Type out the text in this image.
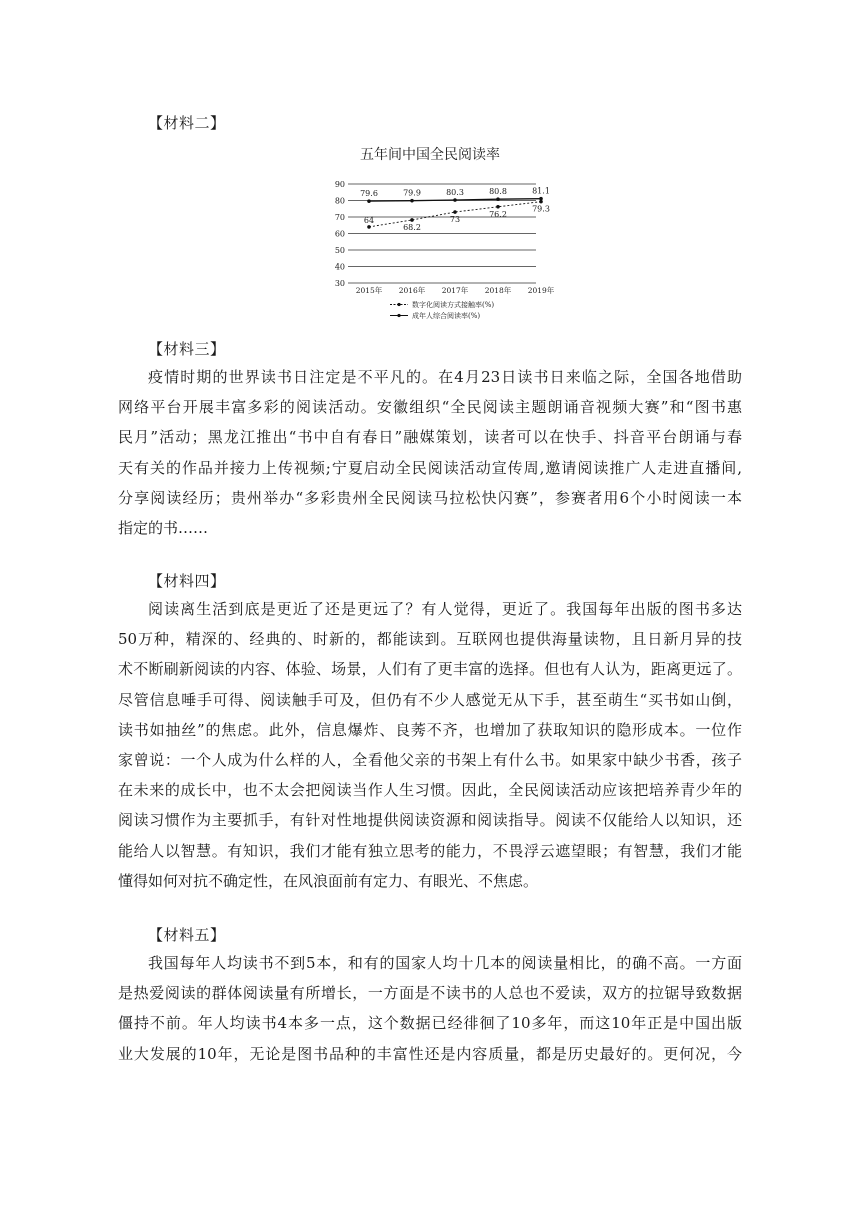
【材料二】
五年间中国全民阅读率
90
80
70
60
50
40
30
2015年 2016年 2017年 2018年 2019年
64
68.2
73
76.2
79.3
79.6	79.9	80.3	80.8	81.1
数字化阅读方式接触率(%)
成年人综合阅读率(%)
【材料三】
疫情时期的世界读书日注定是不平凡的。在4月23日读书日来临之际，全国各地借助
网络平台开展丰富多彩的阅读活动。安徽组织“全民阅读主题朗诵音视频大赛”和“图书惠
民月”活动；黑龙江推出“书中自有春日”融媒策划，读者可以在快手、抖音平台朗诵与春
天有关的作品并接力上传视频;宁夏启动全民阅读活动宣传周,邀请阅读推广人走进直播间,
分享阅读经历；贵州举办“多彩贵州全民阅读马拉松快闪赛”，参赛者用6个小时阅读一本
指定的书……
【材料四】
阅读离生活到底是更近了还是更远了？有人觉得，更近了。我国每年出版的图书多达
50万种，精深的、经典的、时新的，都能读到。互联网也提供海量读物，且日新月异的技
术不断刷新阅读的内容、体验、场景，人们有了更丰富的选择。但也有人认为，距离更远了。
尽管信息唾手可得、阅读触手可及，但仍有不少人感觉无从下手，甚至萌生“买书如山倒，
读书如抽丝”的焦虑。此外，信息爆炸、良莠不齐，也增加了获取知识的隐形成本。一位作
家曾说：一个人成为什么样的人，全看他父亲的书架上有什么书。如果家中缺少书香，孩子
在未来的成长中，也不太会把阅读当作人生习惯。因此，全民阅读活动应该把培养青少年的
阅读习惯作为主要抓手，有针对性地提供阅读资源和阅读指导。阅读不仅能给人以知识，还
能给人以智慧。有知识，我们才能有独立思考的能力，不畏浮云遮望眼；有智慧，我们才能
懂得如何对抗不确定性，在风浪面前有定力、有眼光、不焦虑。
【材料五】
我国每年人均读书不到5本，和有的国家人均十几本的阅读量相比，的确不高。一方面
是热爱阅读的群体阅读量有所增长，一方面是不读书的人总也不爱读，双方的拉锯导致数据
僵持不前。年人均读书4本多一点，这个数据已经徘徊了10多年，而这10年正是中国出版
业大发展的10年，无论是图书品种的丰富性还是内容质量，都是历史最好的。更何况，今
